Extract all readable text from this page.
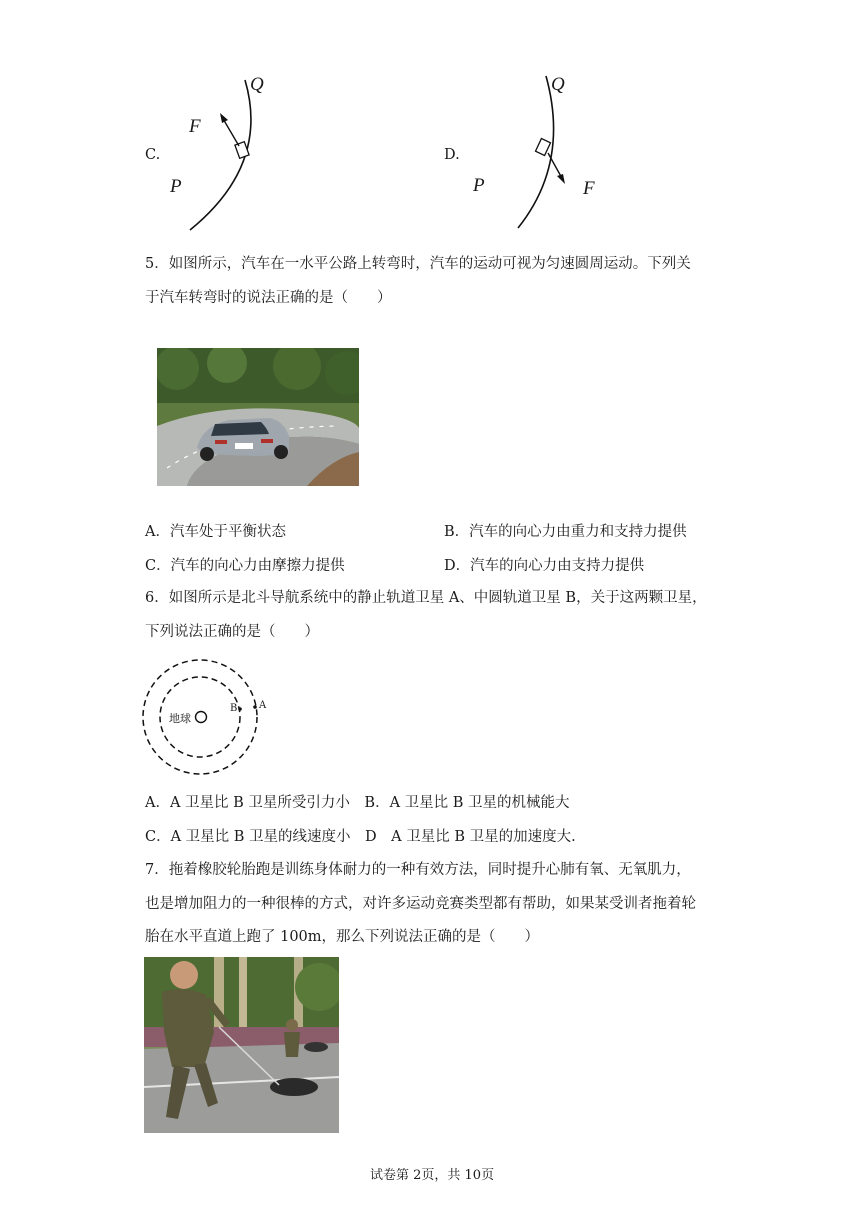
C.
Q
F
P
D.
Q
F
P
5．如图所示，汽车在一水平公路上转弯时，汽车的运动可视为匀速圆周运动。下列关
于汽车转弯时的说法正确的是（　　）
A．汽车处于平衡状态	B．汽车的向心力由重力和支持力提供
C．汽车的向心力由摩擦力提供	D．汽车的向心力由支持力提供
6．如图所示是北斗导航系统中的静止轨道卫星 A、中圆轨道卫星 B，关于这两颗卫星，
下列说法正确的是（　　）
地球
B A
A．A 卫星比 B 卫星所受引力小　B．A 卫星比 B 卫星的机械能大
C．A 卫星比 B 卫星的线速度小　D　A 卫星比 B 卫星的加速度大.
7．拖着橡胶轮胎跑是训练身体耐力的一种有效方法，同时提升心肺有氧、无氧肌力，
也是增加阻力的一种很棒的方式，对许多运动竞赛类型都有帮助，如果某受训者拖着轮
胎在水平直道上跑了 100m，那么下列说法正确的是（　　）
试卷第 2页，共 10页
